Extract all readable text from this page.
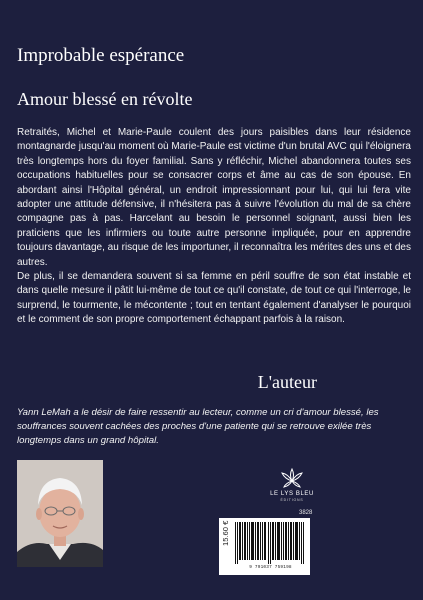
Improbable espérance
Amour blessé en révolte

Retraités, Michel et Marie-Paule coulent des jours paisibles dans leur résidence montagnarde jusqu'au moment où Marie-Paule est victime d'un brutal AVC qui l'éloignera très longtemps hors du foyer familial. Sans y réfléchir, Michel abandonnera toutes ses occupations habituelles pour se consacrer corps et âme au cas de son épouse. En abordant ainsi l'Hôpital général, un endroit impressionnant pour lui, qui lui fera vite adopter une attitude défensive, il n'hésitera pas à suivre l'évolution du mal de sa chère compagne pas à pas. Harcelant au besoin le personnel soignant, aussi bien les praticiens que les infirmiers ou toute autre personne impliquée, pour en apprendre toujours davantage, au risque de les importuner, il reconnaîtra les mérites des uns et des autres.

De plus, il se demandera souvent si sa femme en péril souffre de son état instable et dans quelle mesure il pâtit lui-même de tout ce qu'il constate, de tout ce qui l'interroge, le surprend, le tourmente, le mécontente ; tout en tentant également d'analyser le pourquoi et le comment de son propre comportement échappant parfois à la raison.

L'auteur
Yann LeMah a le désir de faire ressentir au lecteur, comme un cri d'amour blessé, les souffrances souvent cachées des proches d'une patiente qui se retrouve exilée très longtemps dans un grand hôpital.
LE LYS BLEU
ÉDITIONS
3828
15.60 €
9 791037 759198
